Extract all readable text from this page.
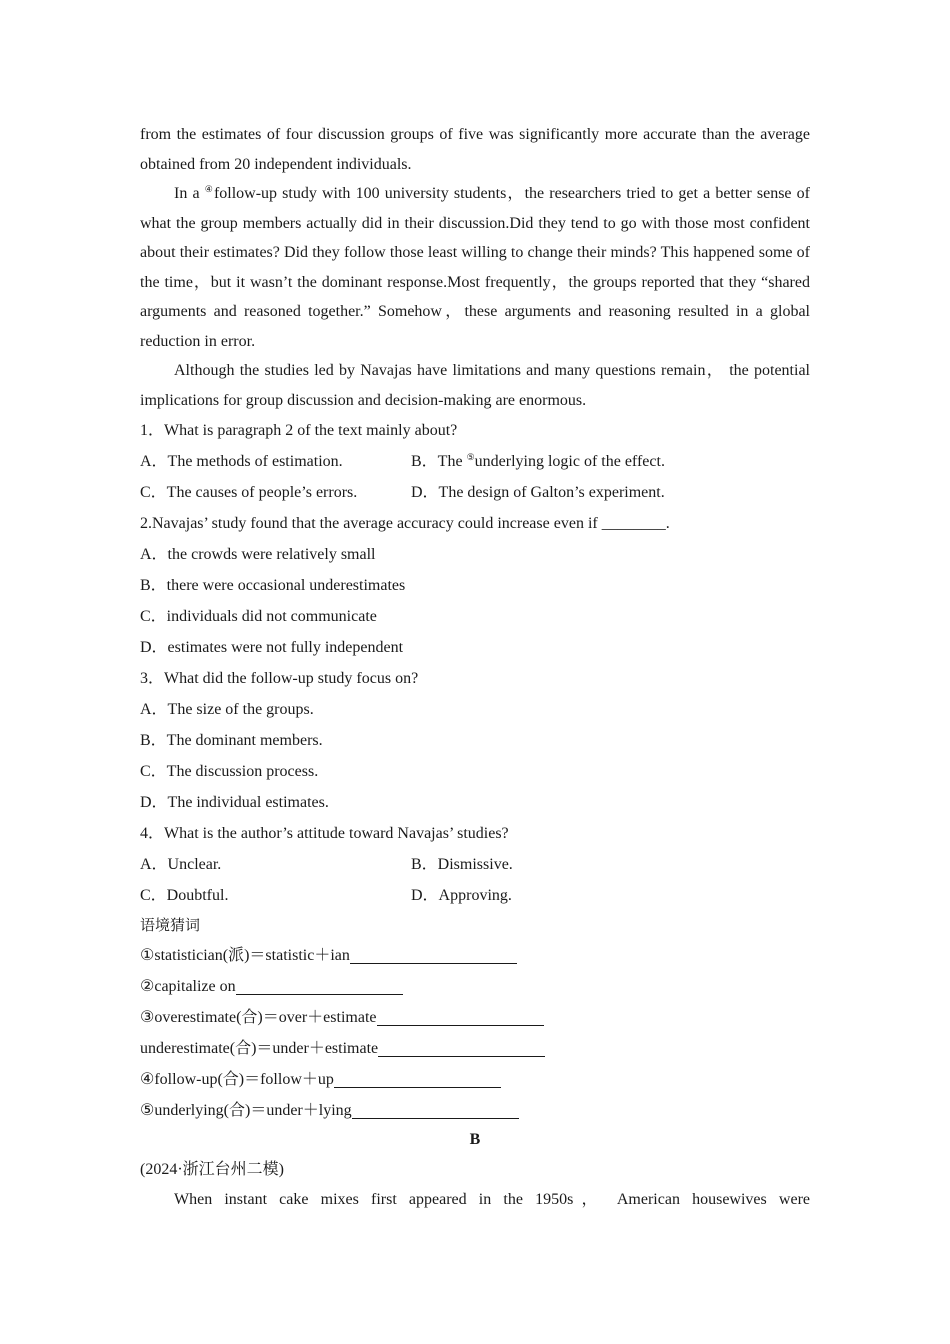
from the estimates of four discussion groups of five was significantly more accurate than the average obtained from 20 independent individuals.

In a ④follow-up study with 100 university students，the researchers tried to get a better sense of what the group members actually did in their discussion.Did they tend to go with those most confident about their estimates? Did they follow those least willing to change their minds? This happened some of the time，but it wasn’t the dominant response.Most frequently，the groups reported that they “shared arguments and reasoned together.” Somehow，these arguments and reasoning resulted in a global reduction in error.

Although the studies led by Navajas have limitations and many questions remain， the potential implications for group discussion and decision-making are enormous.

1．What is paragraph 2 of the text mainly about?
A．The methods of estimation.	B．The ⑤underlying logic of the effect.
C．The causes of people’s errors.	D．The design of Galton’s experiment.
2.Navajas’ study found that the average accuracy could increase even if ________.
A．the crowds were relatively small
B．there were occasional underestimates
C．individuals did not communicate
D．estimates were not fully independent
3．What did the follow-up study focus on?
A．The size of the groups.
B．The dominant members.
C．The discussion process.
D．The individual estimates.
4．What is the author’s attitude toward Navajas’ studies?
A．Unclear.	B．Dismissive.
C．Doubtful.	D．Approving.
语境猜词
①statistician(派)＝statistic＋ian
②capitalize on
③overestimate(合)＝over＋estimate
underestimate(合)＝under＋estimate
④follow-up(合)＝follow＋up
⑤underlying(合)＝under＋lying
B
(2024·浙江台州二模)

When instant cake mixes first appeared in the 1950s， American housewives were
